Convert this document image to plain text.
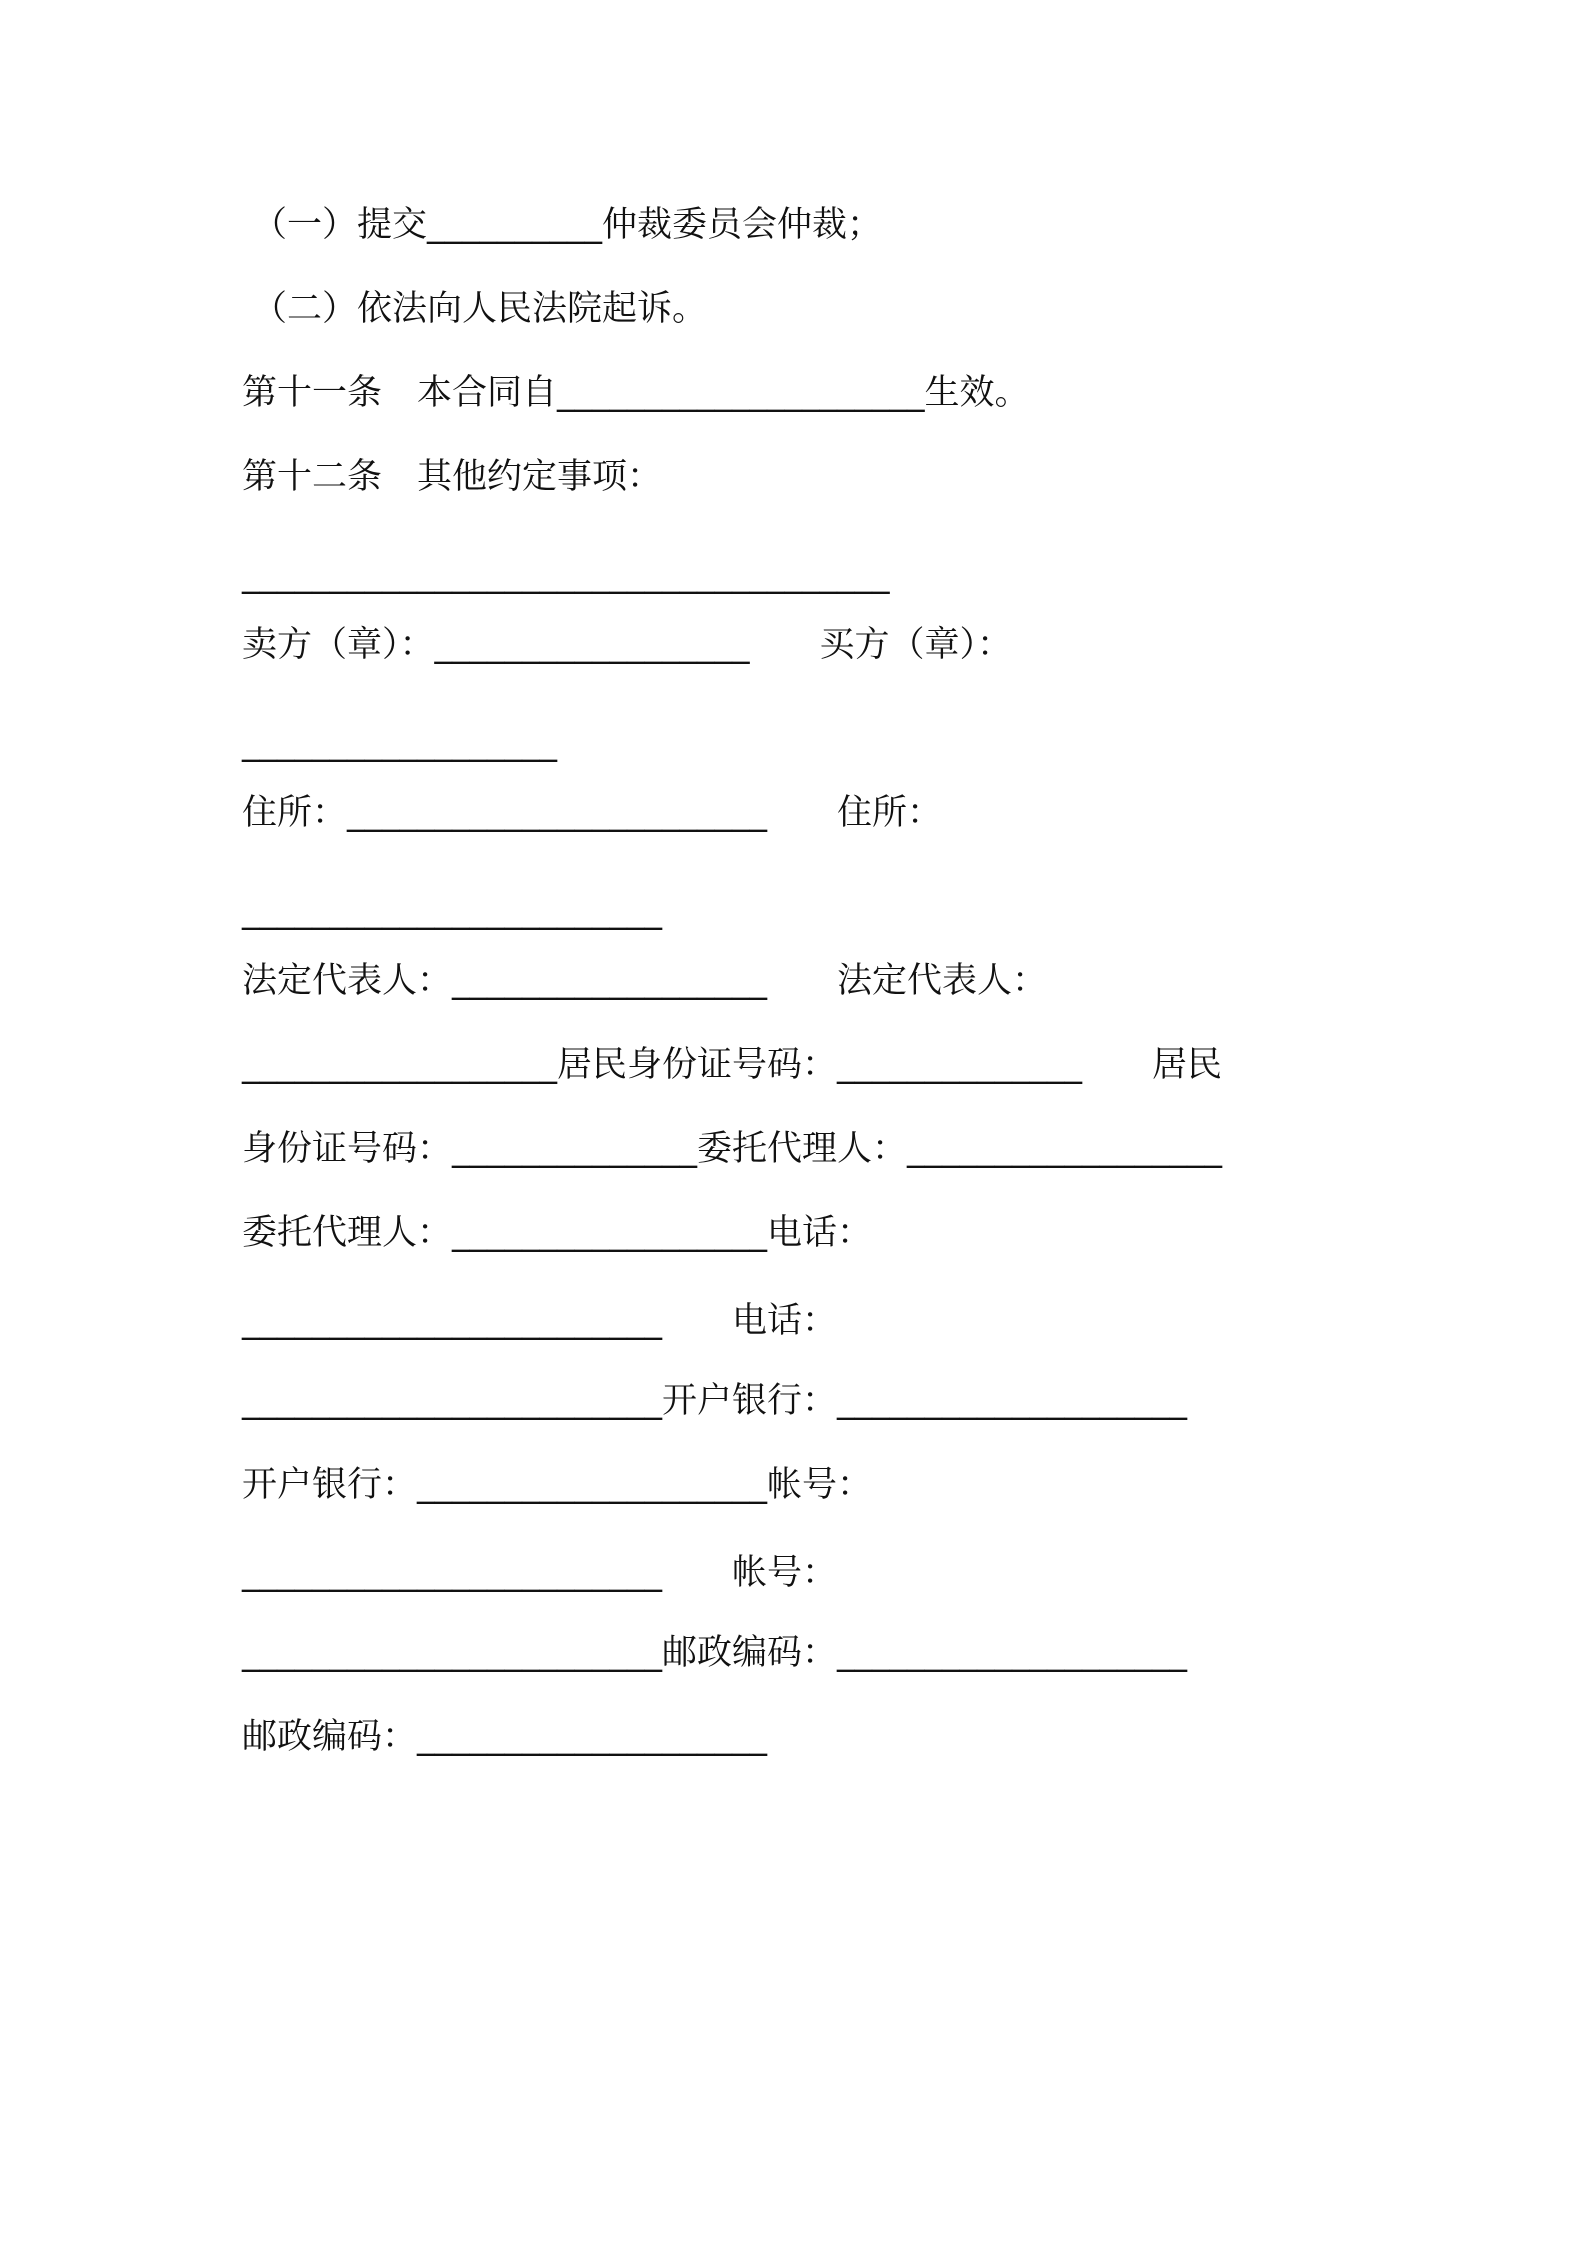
（一）提交__________仲裁委员会仲裁；
（二）依法向人民法院起诉。
第十一条　本合同自_____________________生效。
第十二条　其他约定事项：
_____________________________________
卖方（章）：__________________　　买方（章）：
__________________
住所：________________________　　住所：
________________________
法定代表人：__________________　　法定代表人：
__________________居民身份证号码：______________　　居民
身份证号码：______________委托代理人：__________________
委托代理人：__________________电话：
________________________　　电话：
________________________开户银行：____________________
开户银行：____________________帐号：
________________________　　帐号：
________________________邮政编码：____________________
邮政编码：____________________
